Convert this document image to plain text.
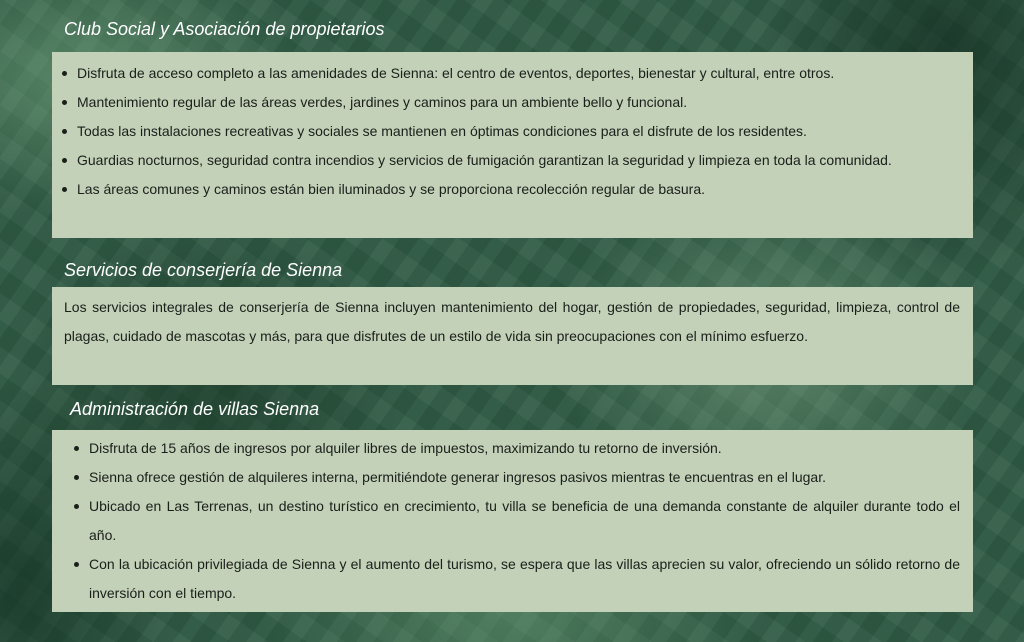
Club Social y Asociación de propietarios
Disfruta de acceso completo a las amenidades de Sienna: el centro de eventos, deportes, bienestar y cultural, entre otros.
Mantenimiento regular de las áreas verdes, jardines y caminos para un ambiente bello y funcional.
Todas las instalaciones recreativas y sociales se mantienen en óptimas condiciones para el disfrute de los residentes.
Guardias nocturnos, seguridad contra incendios y servicios de fumigación garantizan la seguridad y limpieza en toda la comunidad.
Las áreas comunes y caminos están bien iluminados y se proporciona recolección regular de basura.
Servicios de conserjería de Sienna

Los servicios integrales de conserjería de Sienna incluyen mantenimiento del hogar, gestión de propiedades, seguridad, limpieza, control de plagas, cuidado de mascotas y más, para que disfrutes de un estilo de vida sin preocupaciones con el mínimo esfuerzo.

Administración de villas Sienna
Disfruta de 15 años de ingresos por alquiler libres de impuestos, maximizando tu retorno de inversión.
Sienna ofrece gestión de alquileres interna, permitiéndote generar ingresos pasivos mientras te encuentras en el lugar.
Ubicado en Las Terrenas, un destino turístico en crecimiento, tu villa se beneficia de una demanda constante de alquiler durante todo el año.
Con la ubicación privilegiada de Sienna y el aumento del turismo, se espera que las villas aprecien su valor, ofreciendo un sólido retorno de inversión con el tiempo.
